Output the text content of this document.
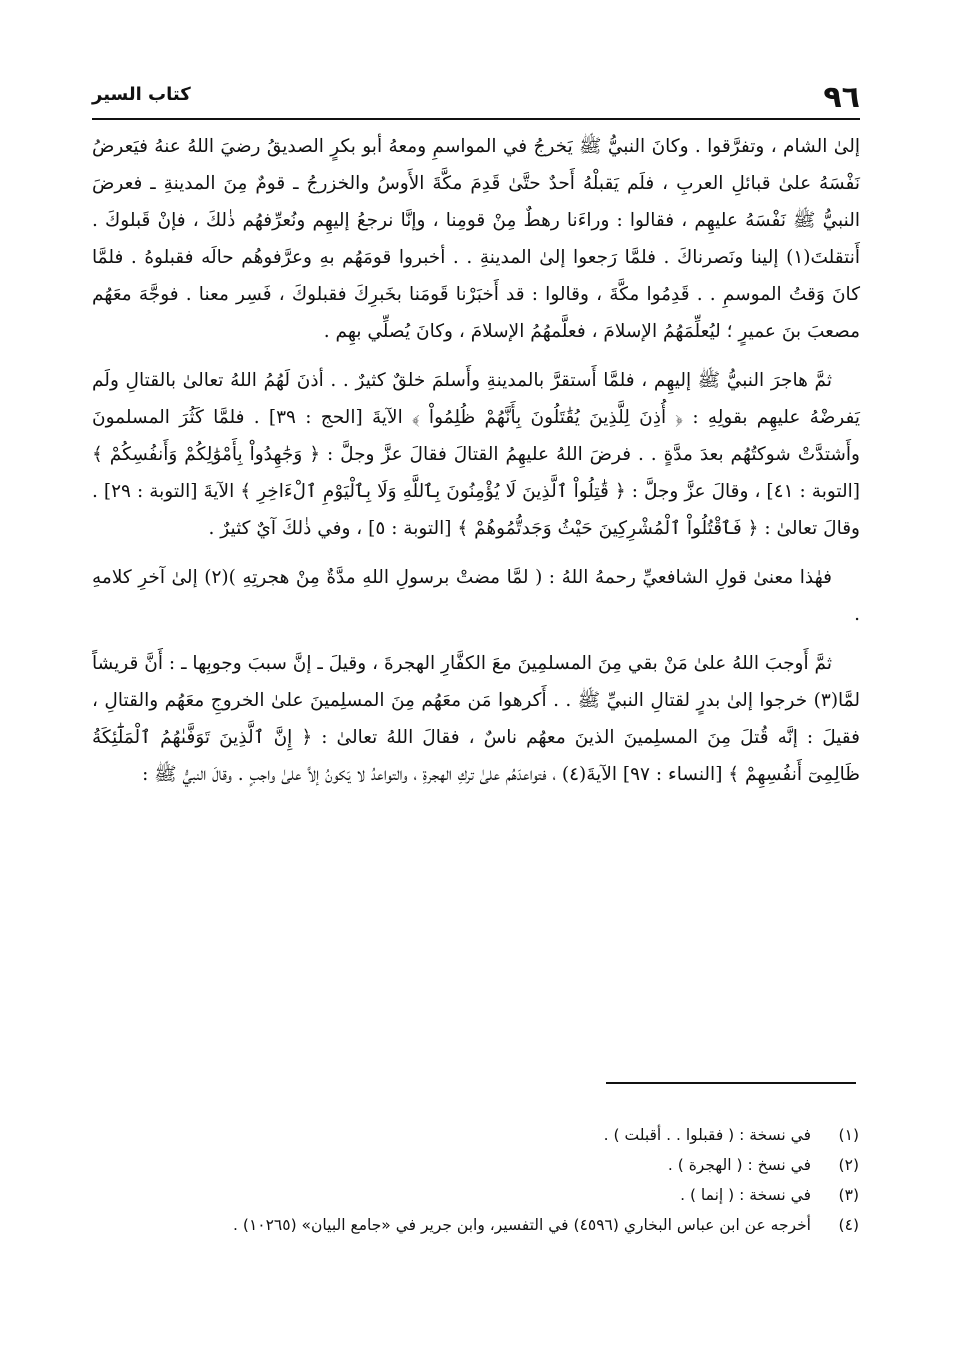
٩٦
كتاب السير

إلىٰ الشام ، وتفرَّقوا . وكانَ النبيُّ ﷺ يَخرجُ في المواسمِ ومعهُ أبو بكرٍ الصديقُ رضيَ اللهُ عنهُ فيَعرضُ نَفْسَهُ علىٰ قبائلِ العربِ ، فلَم يَقبلْهُ أَحدٌ حتَّىٰ قَدِمَ مكَّةَ الأَوسُ والخزرجُ ـ قومٌ مِنَ المدينةِ ـ فعرضَ النبيُّ ﷺ نَفْسَهُ عليهِم ، فقالوا : وراءَنا رهطٌ مِنْ قومِنا ، وإنَّا نرجعُ إليهِم ونُعرِّفهُم ذٰلكَ ، فإنْ قَبلوكَ . أَنتقلتَ(١) إلينا ونَصرناكَ . فلمَّا رَجعوا إلىٰ المدينةِ . . أخبروا قومَهُم بهِ وعرَّفوهُم حالَه فقبلوهُ . فلمَّا كانَ وَقتُ الموسمِ . . قَدِمُوا مكَّةَ ، وقالوا : قد أَخبَرْنا قَومَنا بخَبرِكَ فقبلوكَ ، فَسِر معنا . فوجَّهَ معَهُم مصعبَ بنَ عميرٍ ؛ ليُعلِّمَهُمُ الإسلامَ ، فعلَّمهُمُ الإسلامَ ، وكانَ يُصلِّي بهِم .

ثمَّ هاجرَ النبيُّ ﷺ إليهِم ، فلمَّا أَستقرَّ بالمدينةِ وأَسلمَ خلقٌ كثيرٌ . . أذنَ لَهُمُ اللهُ تعالىٰ بالقتالِ ولَم يَفرضْهُ عليهِم بقولِهِ : ﴿ أُذِنَ لِلَّذِينَ يُقَٰتَلُونَ بِأَنَّهُمْ ظُلِمُواْ ﴾ الآيةَ [الحج : ٣٩] . فلمَّا كَثُرَ المسلمونَ وأَشتدَّتْ شوكتُهُم بعدَ مدَّةٍ . . فرضَ اللهُ عليهِمُ القتالَ فقالَ عزَّ وجلَّ : ﴿ وَجَٰهِدُواْ بِأَمْوَٰلِكُمْ وَأَنفُسِكُمْ ﴾ [التوبة : ٤١] ، وقالَ عزَّ وجلَّ : ﴿ قَٰتِلُواْ ٱلَّذِينَ لَا يُؤْمِنُونَ بِٱللَّهِ وَلَا بِٱلْيَوْمِ ٱلْءَاخِرِ ﴾ الآيةَ [التوبة : ٢٩] . وقالَ تعالىٰ : ﴿ فَٱقْتُلُواْ ٱلْمُشْرِكِينَ حَيْثُ وَجَدتُّمُوهُمْ ﴾ [التوبة : ٥] ، وفي ذٰلكَ آيٌ كثيرٌ .

فهٰذا معنىٰ قولِ الشافعيِّ رحمهُ اللهُ : ( لمَّا مضتْ برسولِ اللهِ مدَّةٌ مِنْ هجرتِهِ )(٢) إلىٰ آخرِ كلامهِ .

ثمَّ أَوجبَ اللهُ علىٰ مَنْ بقي مِنَ المسلمِينَ معَ الكفَّارِ الهجرةَ ، وقيلَ ـ إنَّ سببَ وجوبِها ـ : أَنَّ قريشاً لمَّا(٣) خرجوا إلىٰ بدرٍ لقتالِ النبيِّ ﷺ . . أَكرهوا مَن معَهُم مِنَ المسلِمينَ علىٰ الخروجِ معَهُم والقتالِ ، فقيلَ : إنَّه قُتلَ مِنَ المسلِمينَ الذينَ معهُم ناسٌ ، فقالَ اللهُ تعالىٰ : ﴿ إِنَّ ٱلَّذِينَ تَوَفَّىٰهُمُ ٱلْمَلَٰٓئِكَةُ ظَالِمِىٓ أَنفُسِهِمْ ﴾ [النساء : ٩٧] الآيةَ(٤) ، فتواعدَهُم علىٰ تركِ الهجرةِ ، والتواعدُ لا يَكونُ إلاَّ علىٰ واجبٍ . وقالَ النبيُّ ﷺ :

(١)
في نسخة : ( فقبلوا . . أقبلت ) .
(٢)
في نسخ : ( الهجرة ) .
(٣)
في نسخة : ( إنما ) .
(٤)
أخرجه عن ابن عباس البخاري (٤٥٩٦) في التفسير، وابن جرير في «جامع البيان» (١٠٢٦٥) .
